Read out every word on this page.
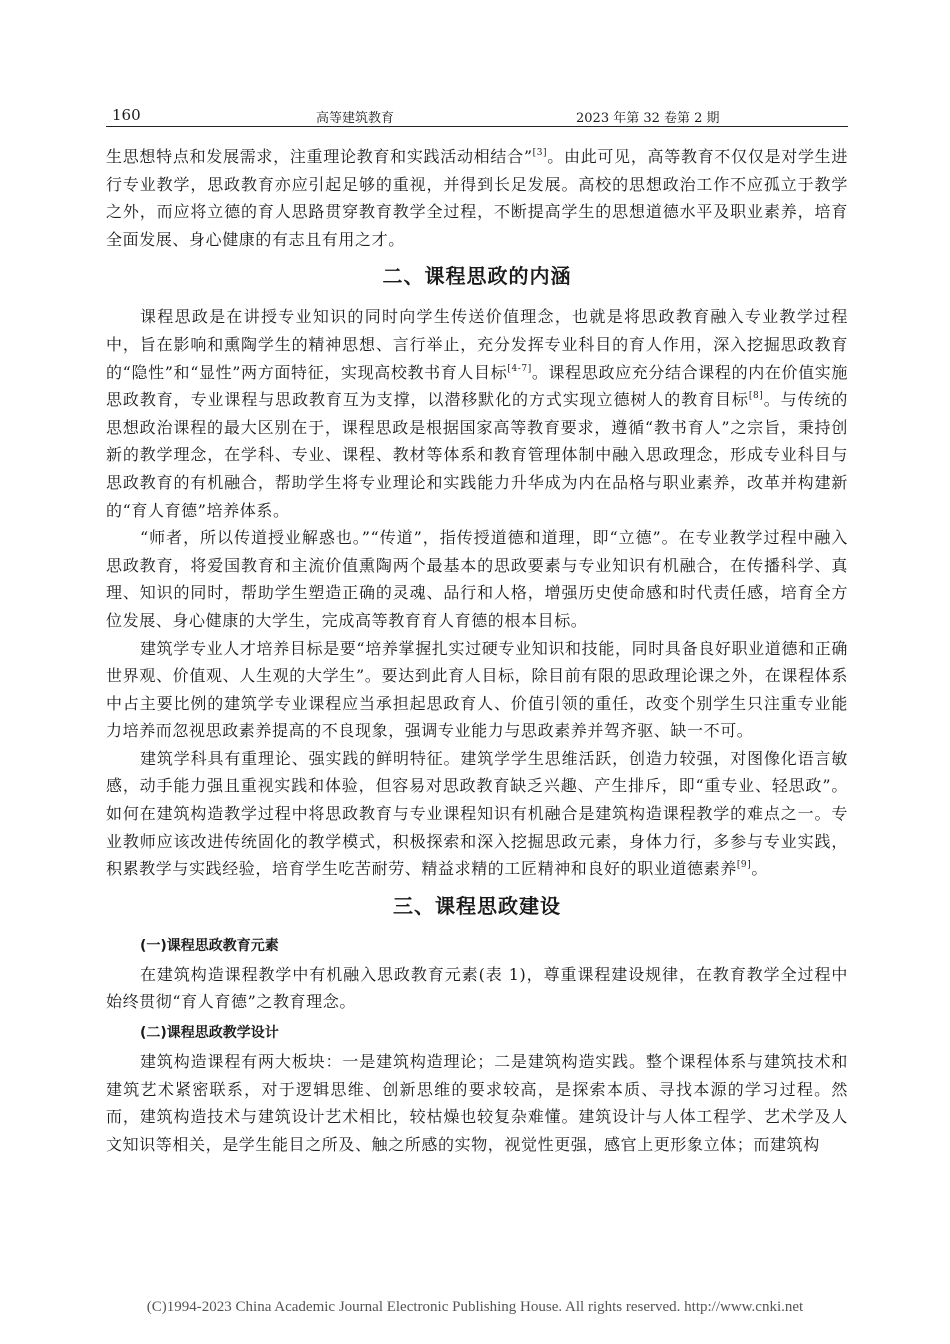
160	高等建筑教育	2023 年第 32 卷第 2 期

生思想特点和发展需求，注重理论教育和实践活动相结合”[3]。由此可见，高等教育不仅仅是对学生进行专业教学，思政教育亦应引起足够的重视，并得到长足发展。高校的思想政治工作不应孤立于教学之外，而应将立德的育人思路贯穿教育教学全过程，不断提高学生的思想道德水平及职业素养，培育全面发展、身心健康的有志且有用之才。

二、课程思政的内涵

课程思政是在讲授专业知识的同时向学生传送价值理念，也就是将思政教育融入专业教学过程中，旨在影响和熏陶学生的精神思想、言行举止，充分发挥专业科目的育人作用，深入挖掘思政教育的“隐性”和“显性”两方面特征，实现高校教书育人目标[4-7]。课程思政应充分结合课程的内在价值实施思政教育，专业课程与思政教育互为支撑，以潜移默化的方式实现立德树人的教育目标[8]。与传统的思想政治课程的最大区别在于，课程思政是根据国家高等教育要求，遵循“教书育人”之宗旨，秉持创新的教学理念，在学科、专业、课程、教材等体系和教育管理体制中融入思政理念，形成专业科目与思政教育的有机融合，帮助学生将专业理论和实践能力升华成为内在品格与职业素养，改革并构建新的“育人育德”培养体系。

“师者，所以传道授业解惑也。”“传道”，指传授道德和道理，即“立德”。在专业教学过程中融入思政教育，将爱国教育和主流价值熏陶两个最基本的思政要素与专业知识有机融合，在传播科学、真理、知识的同时，帮助学生塑造正确的灵魂、品行和人格，增强历史使命感和时代责任感，培育全方位发展、身心健康的大学生，完成高等教育育人育德的根本目标。

建筑学专业人才培养目标是要“培养掌握扎实过硬专业知识和技能，同时具备良好职业道德和正确世界观、价值观、人生观的大学生”。要达到此育人目标，除目前有限的思政理论课之外，在课程体系中占主要比例的建筑学专业课程应当承担起思政育人、价值引领的重任，改变个别学生只注重专业能力培养而忽视思政素养提高的不良现象，强调专业能力与思政素养并驾齐驱、缺一不可。

建筑学科具有重理论、强实践的鲜明特征。建筑学学生思维活跃，创造力较强，对图像化语言敏感，动手能力强且重视实践和体验，但容易对思政教育缺乏兴趣、产生排斥，即“重专业、轻思政”。如何在建筑构造教学过程中将思政教育与专业课程知识有机融合是建筑构造课程教学的难点之一。专业教师应该改进传统固化的教学模式，积极探索和深入挖掘思政元素，身体力行，多参与专业实践，积累教学与实践经验，培育学生吃苦耐劳、精益求精的工匠精神和良好的职业道德素养[9]。

三、课程思政建设
(一)课程思政教育元素

在建筑构造课程教学中有机融入思政教育元素(表 1)，尊重课程建设规律，在教育教学全过程中始终贯彻“育人育德”之教育理念。

(二)课程思政教学设计

建筑构造课程有两大板块：一是建筑构造理论；二是建筑构造实践。整个课程体系与建筑技术和建筑艺术紧密联系，对于逻辑思维、创新思维的要求较高，是探索本质、寻找本源的学习过程。然而，建筑构造技术与建筑设计艺术相比，较枯燥也较复杂难懂。建筑设计与人体工程学、艺术学及人文知识等相关，是学生能目之所及、触之所感的实物，视觉性更强，感官上更形象立体；而建筑构

(C)1994-2023 China Academic Journal Electronic Publishing House. All rights reserved. http://www.cnki.net
